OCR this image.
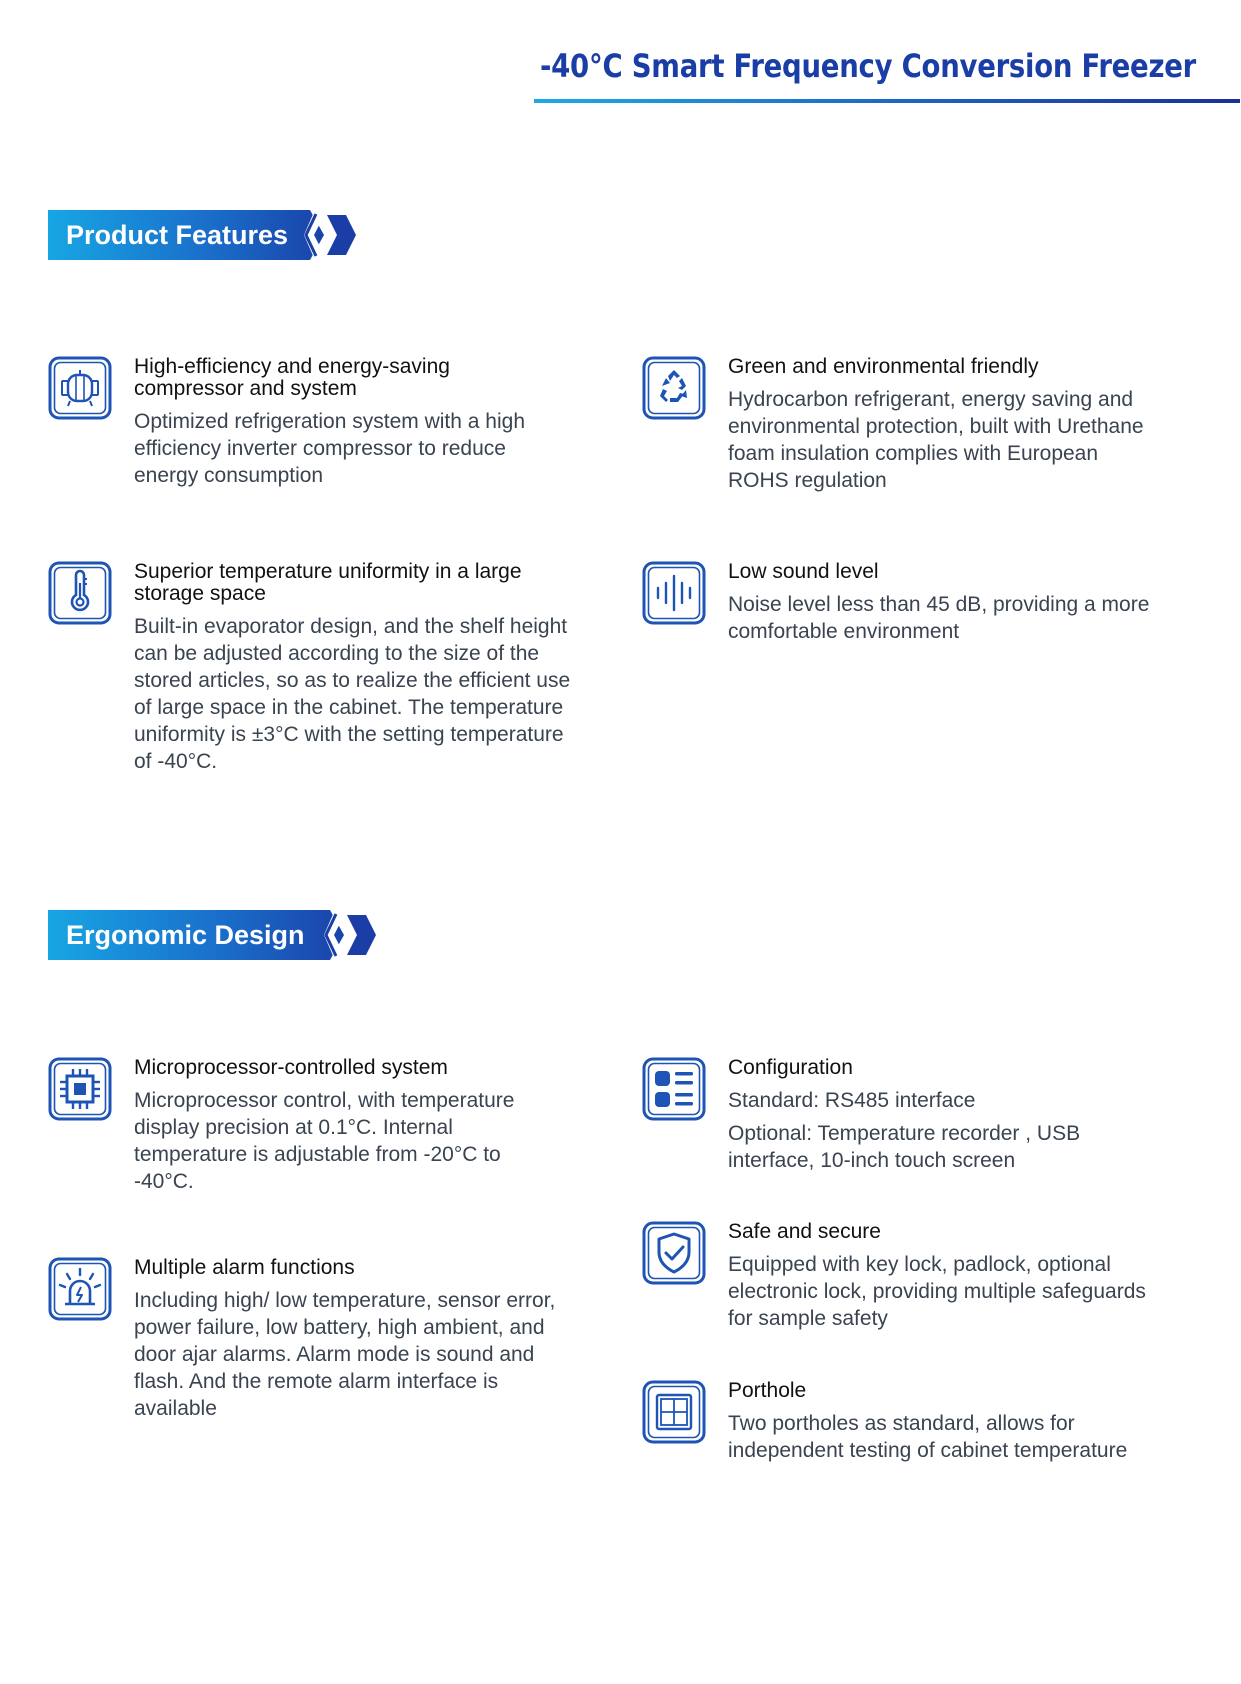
-40°C Smart Frequency Conversion Freezer
Product Features
High-efficiency and energy-saving compressor and system

Optimized refrigeration system with a high efficiency inverter compressor to reduce energy consumption

Green and environmental friendly

Hydrocarbon refrigerant, energy saving and environmental protection, built with Urethane foam insulation complies with European ROHS regulation

Superior temperature uniformity in a large storage space

Built-in evaporator design, and the shelf height can be adjusted according to the size of the stored articles, so as to realize the efficient use of large space in the cabinet. The temperature uniformity is ±3°C with the setting temperature of -40°C.

Low sound level

Noise level less than 45 dB, providing a more comfortable environment

Ergonomic Design
Microprocessor-controlled system

Microprocessor control, with temperature display precision at 0.1°C. Internal temperature is adjustable from -20°C to -40°C.

Configuration

Standard: RS485 interface

Optional: Temperature recorder , USB interface, 10-inch touch screen

Safe and secure

Equipped with key lock, padlock, optional electronic lock, providing multiple safeguards for sample safety

Multiple alarm functions

Including high/ low temperature, sensor error, power failure, low battery, high ambient, and door ajar alarms. Alarm mode is sound and flash. And the remote alarm interface is available

Porthole

Two portholes as standard, allows for independent testing of cabinet temperature
